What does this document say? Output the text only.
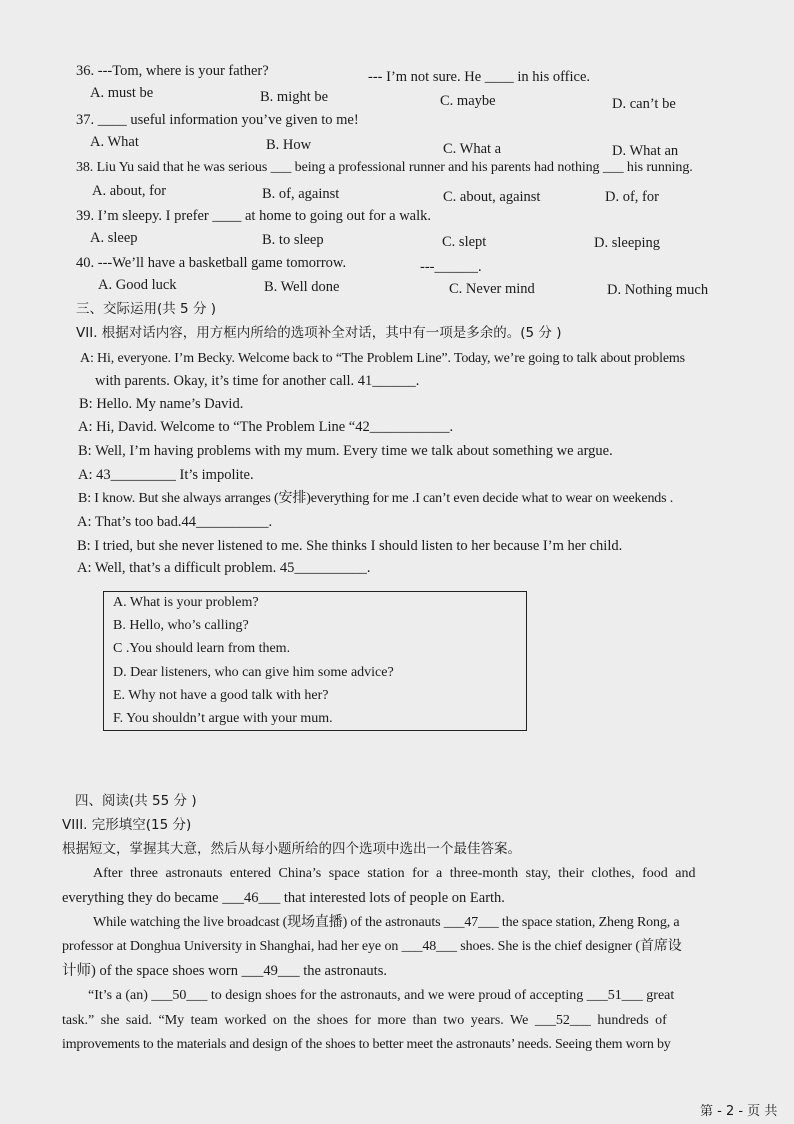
36. ---Tom, where is your father?	--- I’m not sure. He ____ in his office.
A. must be	B. might be	C. maybe	D. can’t be
37. ____ useful information you’ve given to me!
A. What	B. How	C. What a	D. What an
38. Liu Yu said that he was serious ___ being a professional runner and his parents had nothing ___ his running.
A. about, for	B. of, against	C. about, against	D. of, for
39. I’m sleepy. I prefer ____ at home to going out for a walk.
A. sleep	B. to sleep	C. slept	D. sleeping
40. ---We’ll have a basketball game tomorrow.	---______.
A. Good luck	B. Well done	C. Never mind	D. Nothing much
三、交际运用(共 5 分 )
VII. 根据对话内容，用方框内所给的选项补全对话，其中有一项是多余的。(5 分 )
A: Hi, everyone. I’m Becky. Welcome back to “The Problem Line”. Today, we’re going to talk about problems
with parents. Okay, it’s time for another call. 41______.
B: Hello. My name’s David.
A: Hi, David. Welcome to “The Problem Line “42___________.
B: Well, I’m having problems with my mum. Every time we talk about something we argue.
A: 43_________ It’s impolite.
B: I know. But she always arranges (安排)everything for me .I can’t even decide what to wear on weekends .
A: That’s too bad.44__________.
B: I tried, but she never listened to me. She thinks I should listen to her because I’m her child.
A: Well, that’s a difficult problem. 45__________.
A. What is your problem?
B. Hello, who’s calling?
C .You should learn from them.
D. Dear listeners, who can give him some advice?
E. Why not have a good talk with her?
F. You shouldn’t argue with your mum.
四、阅读(共 55 分 )
VIII. 完形填空(15 分)
根据短文，掌握其大意，然后从每小题所给的四个选项中选出一个最佳答案。
After three astronauts entered China’s space station for a three-month stay, their clothes, food and
everything they do became ___46___ that interested lots of people on Earth.
While watching the live broadcast (现场直播) of the astronauts ___47___ the space station, Zheng Rong, a
professor at Donghua University in Shanghai, had her eye on ___48___ shoes. She is the chief designer (首席设
计师) of the space shoes worn ___49___ the astronauts.
“It’s a (an) ___50___ to design shoes for the astronauts, and we were proud of accepting ___51___ great
task.” she said. “My team worked on the shoes for more than two years. We ___52___ hundreds of
improvements to the materials and design of the shoes to better meet the astronauts’ needs. Seeing them worn by
第 - 2 - 页 共
